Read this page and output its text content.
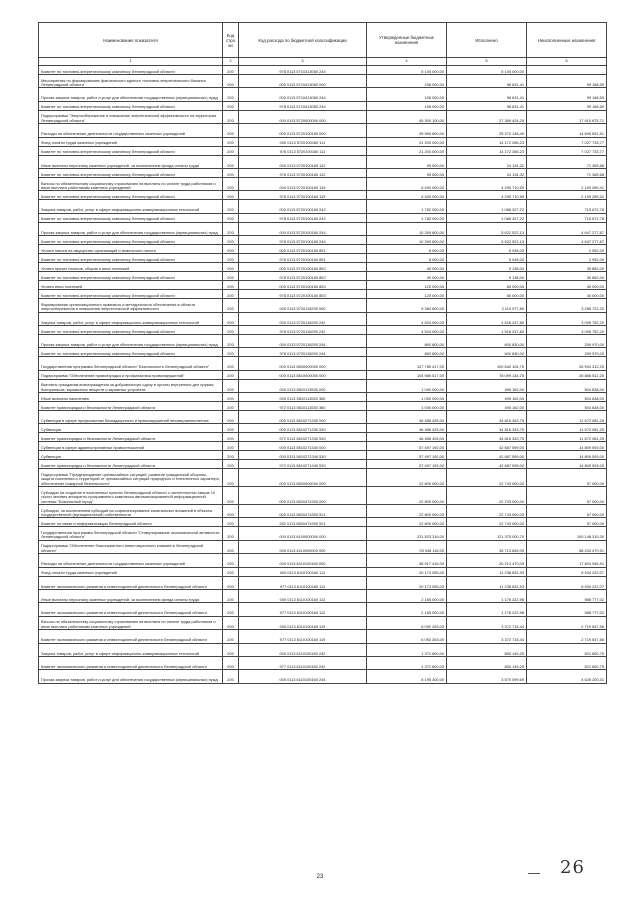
Наименование показателя	Код стро ки	Код расхода по бюджетной классификации	Утвержденные бюджетные назначения	Исполнено	Неисполненные назначения
1	2	3	4	5	6
Комитет по топливно-энергетическому комплексу Ленинградской области	200	978 0113 5710313060 244	5 100 000,00	5 100 000,00	-
Мероприятия по формированию фактического единого топливно-энергетического баланса Ленинградской области	200	000 0113 5710413060 000	198 000,00	98 631,41	99 168,59
Прочая закупка товаров, работ и услуг для обеспечения государственных (муниципальных) нужд	200	000 0113 5710413060 244	198 000,00	98 631,41	99 168,59
Комитет по топливно-энергетическому комплексу Ленинградской области	200	978 0113 5710413060 244	198 000,00	98 631,41	99 168,59
Подпрограмма "Энергосбережение и повышение энергетической эффективности на территории Ленинградской области"	200	000 0113 5720000000 000	45 300 100,00	27 389 424,29	17 910 675,71
Расходы на обеспечение деятельности государственных казенных учреждений	200	000 0113 5720100160 000	39 965 800,00	25 270 148,49	14 695 651,51
Фонд оплаты труда казенных учреждений	200	000 0113 5720100160 111	21 200 000,00	14 172 266,23	7 027 733,77
Комитет по топливно-энергетическому комплексу Ленинградской области	200	978 0113 5720100160 111	21 200 000,00	14 172 266,23	7 027 733,77
Иные выплаты персоналу казенных учреждений, за исключением фонда оплаты труда	200	000 0113 5720100160 112	95 500,00	24 134,32	71 365,68
Комитет по топливно-энергетическому комплексу Ленинградской области	200	978 0113 5720100160 112	95 500,00	24 134,32	71 365,68
Взносы по обязательному социальному страхованию на выплаты по оплате труда работников и иные выплаты работникам казенных учреждений	200	000 0113 5720100160 119	6 400 000,00	4 290 710,59	2 109 289,41
Комитет по топливно-энергетическому комплексу Ленинградской области	200	978 0113 5720100160 119	6 400 000,00	4 290 710,59	2 109 289,41
Закупка товаров, работ, услуг в сфере информационно-коммуникационных технологий	200	000 0113 5720100160 242	1 782 000,00	1 066 327,22	715 672,78
Комитет по топливно-энергетическому комплексу Ленинградской области	200	978 0113 5720100160 242	1 782 000,00	1 066 327,22	715 672,78
Прочая закупка товаров, работ и услуг для обеспечения государственных (муниципальных) нужд	200	000 0113 5720100160 244	10 269 800,00	5 622 522,13	4 647 277,87
Комитет по топливно-энергетическому комплексу Ленинградской области	200	978 0113 5720100160 244	10 269 800,00	5 622 522,13	4 647 277,87
Уплата налога на имущество организаций и земельного налога	200	000 0113 5720100160 851	8 000,00	5 048,00	2 952,00
Комитет по топливно-энергетическому комплексу Ленинградской области	200	978 0113 5720100160 851	8 000,00	5 048,00	2 952,00
Уплата прочих налогов, сборов и иных платежей	200	000 0113 5720100160 852	40 000,00	9 138,00	30 862,00
Комитет по топливно-энергетическому комплексу Ленинградской области	200	978 0113 5720100160 852	40 000,00	9 138,00	30 862,00
Уплата иных платежей	200	000 0113 5720100160 853	120 000,00	80 000,00	40 000,00
Комитет по топливно-энергетическому комплексу Ленинградской области	200	978 0113 5720100160 853	120 000,00	80 000,00	40 000,00
Формирование организационного правового и методического обеспечения в области энергосбережения и повышения энергетической эффективности	200	000 0113 5720118290 000	5 384 800,00	2 119 077,80	3 265 722,20
Закупка товаров, работ, услуг в сфере информационно-коммуникационных технологий	200	000 0113 5720118290 242	4 524 000,00	1 518 247,80	3 005 752,20
Комитет по топливно-энергетическому комплексу Ленинградской области	200	978 0113 5720118290 242	4 524 000,00	1 518 247,80	3 005 752,20
Прочая закупка товаров, работ и услуг для обеспечения государственных (муниципальных) нужд	200	000 0113 5720118290 244	860 800,00	600 830,00	259 970,00
Комитет по топливно-энергетическому комплексу Ленинградской области	200	978 0113 5720118290 244	860 800,00	600 830,00	259 970,00
Государственная программа Ленинградской области "Безопасность Ленинградской области"	200	000 0113 5800000000 000	127 785 417,00	100 842 104,75	26 943 312,25
Подпрограмма "Обеспечение правопорядка и профилактика правонарушений"	200	000 0113 5810000000 000	104 985 517,00	78 099 134,75	26 886 512,25
Выплаты гражданам вознаграждения за добровольную сдачу в органы внутренних дел оружия, боеприпасов, взрывчатых веществ и взрывных устройств	200	000 0113 5810113530 000	1 000 000,00	495 162,00	504 838,00
Иные выплаты населению	200	000 0113 5810113530 360	1 000 000,00	495 162,00	504 838,00
Комитет правопорядка и безопасности Ленинградской области	200	972 0113 5810113530 360	1 000 000,00	495 162,00	504 838,00
Субвенции в сфере профилактики безнадзорности и правонарушений несовершеннолетних	200	000 0113 5810271330 000	46 488 425,00	34 816 343,75	11 672 081,25
Субвенции	200	000 0113 5810271330 530	46 488 425,00	34 816 343,75	11 672 081,25
Комитет правопорядка и безопасности Ленинградской области	200	972 0113 5810271330 530	46 488 425,00	34 816 343,75	11 672 081,25
Субвенции в сфере административных правоотношений	200	000 0113 5810271340 000	57 497 192,00	42 687 599,00	14 809 593,00
Субвенции	200	000 0113 5810271340 530	57 497 192,00	42 687 599,00	14 809 593,00
Комитет правопорядка и безопасности Ленинградской области	200	972 0113 5810271340 530	57 497 192,00	42 687 599,00	14 809 593,00
Подпрограмма "Предупреждение чрезвычайных ситуаций, развитие гражданской обороны, защита населения и территорий от чрезвычайных ситуаций природного и техногенного характера, обеспечение пожарной безопасности"	200	000 0113 5820000000 000	22 800 000,00	22 743 000,00	57 000,00
Субсидии на создание в населенных пунктах Ленинградской области с численностью свыше 10 тысяч человек аппаратно-программного комплекса автоматизированной информационной системы "Безопасный город"	200	000 0113 5820474300 000	22 800 000,00	22 743 000,00	57 000,00
Субсидии, за исключением субсидий на софинансирование капитальных вложений в объекты государственной (муниципальной) собственности	200	000 0113 5820474300 521	22 800 000,00	22 743 000,00	57 000,00
Комитет по связи и информатизации Ленинградской области	200	282 0113 5820474300 521	22 800 000,00	22 743 000,00	57 000,00
Государственная программа Ленинградской области "Стимулирование экономической активности Ленинградской области"	200	000 0113 6100000000 000	221 523 316,00	121 375 000,70	100 148 315,30
Подпрограмма "Обеспечение благоприятного инвестиционного климата в Ленинградской области"	200	000 0113 6110000000 000	93 948 116,00	35 713 645,09	58 234 470,91
Расходы на обеспечение деятельности государственных казенных учреждений	200	000 0113 6110100160 000	38 917 416,00	20 212 470,09	17 804 945,91
Фонд оплаты труда казенных учреждений	200	000 0113 6110100160 111	20 173 055,00	11 238 832,93	8 934 222,07
Комитет экономического развития и инвестиционной деятельности Ленинградской области	200	977 0113 6110100160 111	20 173 055,00	11 238 832,93	8 934 222,07
Иные выплаты персоналу казенных учреждений, за исключением фонда оплаты труда	200	000 0113 6110100160 112	2 165 000,00	1 176 222,98	988 777,02
Комитет экономического развития и инвестиционной деятельности Ленинградской области	200	977 0113 6110100160 112	2 165 000,00	1 176 222,98	988 777,02
Взносы по обязательному социальному страхованию на выплаты по оплате труда работников и иные выплаты работникам казенных учреждений	200	000 0113 6110100160 119	6 092 263,00	3 372 715,44	2 719 547,56
Комитет экономического развития и инвестиционной деятельности Ленинградской области	200	977 0113 6110100160 119	6 092 263,00	3 372 715,44	2 719 547,56
Закупка товаров, работ, услуг в сфере информационно-коммуникационных технологий	200	000 0113 6110100160 242	1 371 800,00	850 149,25	521 650,75
Комитет экономического развития и инвестиционной деятельности Ленинградской области	200	977 0113 6110100160 242	1 371 800,00	850 149,25	521 650,75
Прочая закупка товаров, работ и услуг для обеспечения государственных (муниципальных) нужд	200	000 0113 6110100160 244	8 195 300,00	3 570 099,69	4 625 200,31
26
23
